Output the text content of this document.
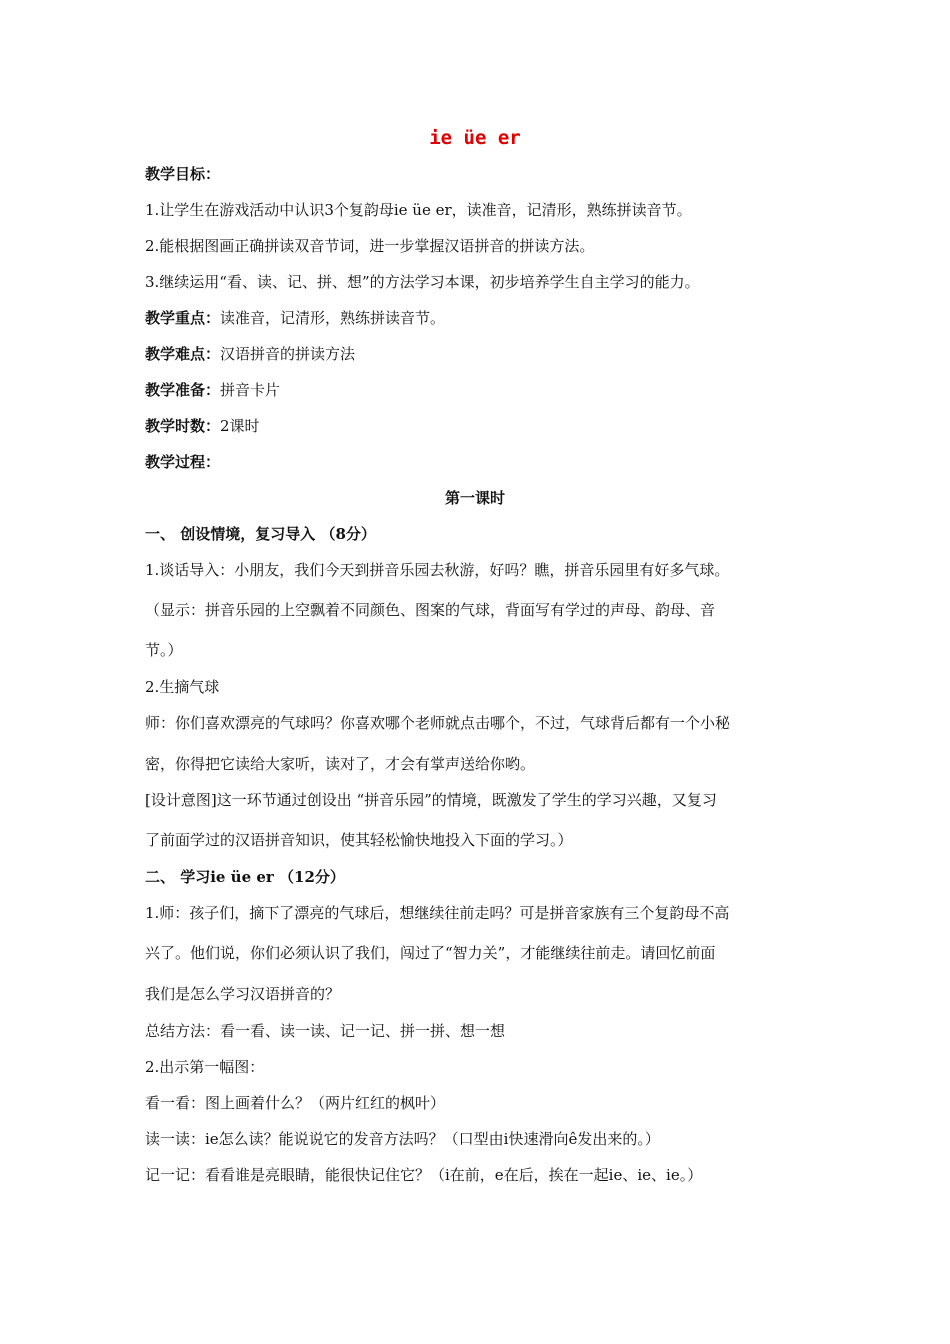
ie üe er
教学目标：
1.让学生在游戏活动中认识3个复韵母ie üe er，读准音，记清形，熟练拼读音节。
2.能根据图画正确拼读双音节词，进一步掌握汉语拼音的拼读方法。
3.继续运用“看、读、记、拼、想”的方法学习本课，初步培养学生自主学习的能力。
教学重点：读准音，记清形，熟练拼读音节。
教学难点：汉语拼音的拼读方法
教学准备：拼音卡片
教学时数：2课时
教学过程：
第一课时
一、 创设情境，复习导入 （8分）
1.谈话导入：小朋友，我们今天到拼音乐园去秋游，好吗？瞧，拼音乐园里有好多气球。
（显示：拼音乐园的上空飘着不同颜色、图案的气球，背面写有学过的声母、韵母、音
节。）
2.生摘气球
师：你们喜欢漂亮的气球吗？你喜欢哪个老师就点击哪个，不过，气球背后都有一个小秘
密，你得把它读给大家听，读对了，才会有掌声送给你哟。
[设计意图]这一环节通过创设出 “拼音乐园”的情境，既激发了学生的学习兴趣，又复习
了前面学过的汉语拼音知识，使其轻松愉快地投入下面的学习。）
二、 学习ie üe er （12分）
1.师：孩子们，摘下了漂亮的气球后，想继续往前走吗？可是拼音家族有三个复韵母不高
兴了。他们说，你们必须认识了我们，闯过了“智力关”，才能继续往前走。请回忆前面
我们是怎么学习汉语拼音的？
总结方法：看一看、读一读、记一记、拼一拼、想一想
2.出示第一幅图：
看一看：图上画着什么？（两片红红的枫叶）
读一读：ie怎么读？能说说它的发音方法吗？（口型由i快速滑向ê发出来的。）
记一记：看看谁是亮眼睛，能很快记住它？（i在前，e在后，挨在一起ie、ie、ie。）
